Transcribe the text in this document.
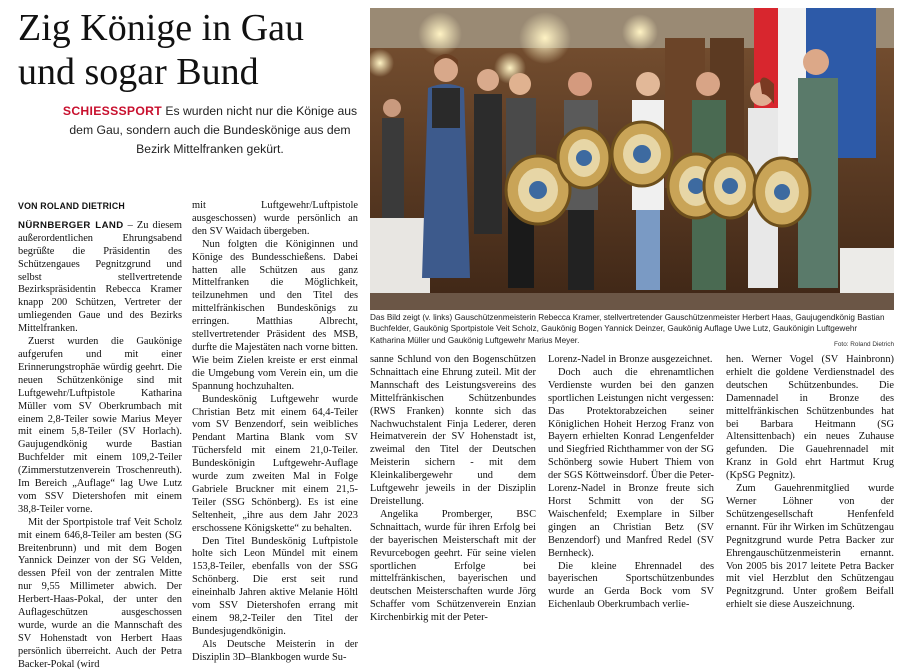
Zig Könige in Gau
und sogar Bund

SCHIESSSPORT Es wurden nicht nur die Könige aus dem Gau, sondern auch die Bundeskönige aus dem Bezirk Mittelfranken gekürt.

Das Bild zeigt (v. links) Gauschützenmeisterin Rebecca Kramer, stellvertretender Gauschützenmeister Herbert Haas, Gaujugendkönig Bastian Buchfelder, Gaukönig Sportpistole Veit Scholz, Gaukönig Bogen Yannick Deinzer, Gaukönig Auflage Uwe Lutz, Gaukönigin Luftgewehr Katharina Müller und Gaukönig Luftgewehr Marius Meyer.	Foto: Roland Dietrich
VON ROLAND DIETRICH

NÜRNBERGER LAND – Zu diesem außerordentlichen Ehrungsabend begrüßte die Präsidentin des Schützengaues Pegnitzgrund und selbst stellvertretende Bezirkspräsidentin Rebecca Kramer knapp 200 Schützen, Vertreter der umliegenden Gaue und des Bezirks Mittelfranken.

Zuerst wurden die Gaukönige aufgerufen und mit einer Erinnerungstrophäe würdig geehrt. Die neuen Schützenkönige sind mit Luftgewehr/Luftpistole Katharina Müller vom SV Oberkrumbach mit einem 2,8-Teiler sowie Marius Meyer mit einem 5,8-Teiler (SV Horlach). Gaujugendkönig wurde Bastian Buchfelder mit einem 109,2-Teiler (Zimmerstutzenverein Troschenreuth). Im Bereich „Auflage“ lag Uwe Lutz vom SSV Dietershofen mit einem 38,8-Teiler vorne.

Mit der Sportpistole traf Veit Scholz mit einem 646,8-Teiler am besten (SG Breitenbrunn) und mit dem Bogen Yannick Deinzer von der SG Velden, dessen Pfeil von der zentralen Mitte nur 9,55 Millimeter abwich. Der Herbert-Haas-Pokal, der unter den Auflageschützen ausgeschossen wurde, wurde an die Mannschaft des SV Hohenstadt von Herbert Haas persönlich überreicht. Auch der Petra Backer-Pokal (wird

mit Luftgewehr/Luftpistole ausgeschossen) wurde persönlich an den SV Waidach übergeben.

Nun folgten die Königinnen und Könige des Bundesschießens. Dabei hatten alle Schützen aus ganz Mittelfranken die Möglichkeit, teilzunehmen und den Titel des mittelfränkischen Bundeskönigs zu erringen. Matthias Albrecht, stellvertretender Präsident des MSB, durfte die Majestäten nach vorne bitten. Wie beim Zielen kreiste er erst einmal die Umgebung vom Verein ein, um die Spannung hochzuhalten.

Bundeskönig Luftgewehr wurde Christian Betz mit einem 64,4-Teiler vom SV Benzendorf, sein weibliches Pendant Martina Blank vom SV Tüchersfeld mit einem 21,0-Teiler. Bundeskönigin Luftgewehr-Auflage wurde zum zweiten Mal in Folge Gabriele Bruckner mit einem 21,5-Teiler (SSG Schönberg). Es ist eine Seltenheit, „ihre aus dem Jahr 2023 erschossene Königskette“ zu behalten.

Den Titel Bundeskönig Luftpistole holte sich Leon Mündel mit einem 153,8-Teiler, ebenfalls von der SSG Schönberg. Die erst seit rund eineinhalb Jahren aktive Melanie Höltl vom SSV Dietershofen errang mit einem 98,2-Teiler den Titel der Bundesjugendkönigin.

Als Deutsche Meisterin in der Disziplin 3D–Blankbogen wurde Su-

sanne Schlund von den Bogenschützen Schnaittach eine Ehrung zuteil. Mit der Mannschaft des Leistungsvereins des Mittelfränkischen Schützenbundes (RWS Franken) konnte sich das Nachwuchstalent Finja Lederer, deren Heimatverein der SV Hohenstadt ist, zweimal den Titel der Deutschen Meisterin sichern - mit dem Kleinkalibergewehr und dem Luftgewehr jeweils in der Disziplin Dreistellung.

Angelika Promberger, BSC Schnaittach, wurde für ihren Erfolg bei der bayerischen Meisterschaft mit der Revurcebogen geehrt. Für seine vielen sportlichen Erfolge bei mittelfränkischen, bayerischen und deutschen Meisterschaften wurde Jörg Schaffer vom Schützenverein Enzian Kirchenbirkig mit der Peter-

Lorenz-Nadel in Bronze ausgezeichnet.

Doch auch die ehrenamtlichen Verdienste wurden bei den ganzen sportlichen Leistungen nicht vergessen: Das Protektorabzeichen seiner Königlichen Hoheit Herzog Franz von Bayern erhielten Konrad Lengenfelder und Siegfried Richthammer von der SG Schönberg sowie Hubert Thiem von der SGS Köttweinsdorf. Über die Peter-Lorenz-Nadel in Bronze freute sich Horst Schmitt von der SG Waischenfeld; Exemplare in Silber gingen an Christian Betz (SV Benzendorf) und Manfred Redel (SV Bernheck).

Die kleine Ehrennadel des bayerischen Sportschützenbundes wurde an Gerda Bock vom SV Eichenlaub Oberkrumbach verlie-

hen. Werner Vogel (SV Hainbronn) erhielt die goldene Verdienstnadel des deutschen Schützenbundes. Die Damennadel in Bronze des mittelfränkischen Schützenbundes hat bei Barbara Heitmann (SG Altensittenbach) ein neues Zuhause gefunden. Die Gauehrennadel mit Kranz in Gold ehrt Hartmut Krug (KpSG Pegnitz).

Zum Gauehrenmitglied wurde Werner Löhner von der Schützengesellschaft Henfenfeld ernannt. Für ihr Wirken im Schützengau Pegnitzgrund wurde Petra Backer zur Ehrengauschützenmeisterin ernannt. Von 2005 bis 2017 leitete Petra Backer mit viel Herzblut den Schützengau Pegnitzgrund. Unter großem Beifall erhielt sie diese Auszeichnung.
